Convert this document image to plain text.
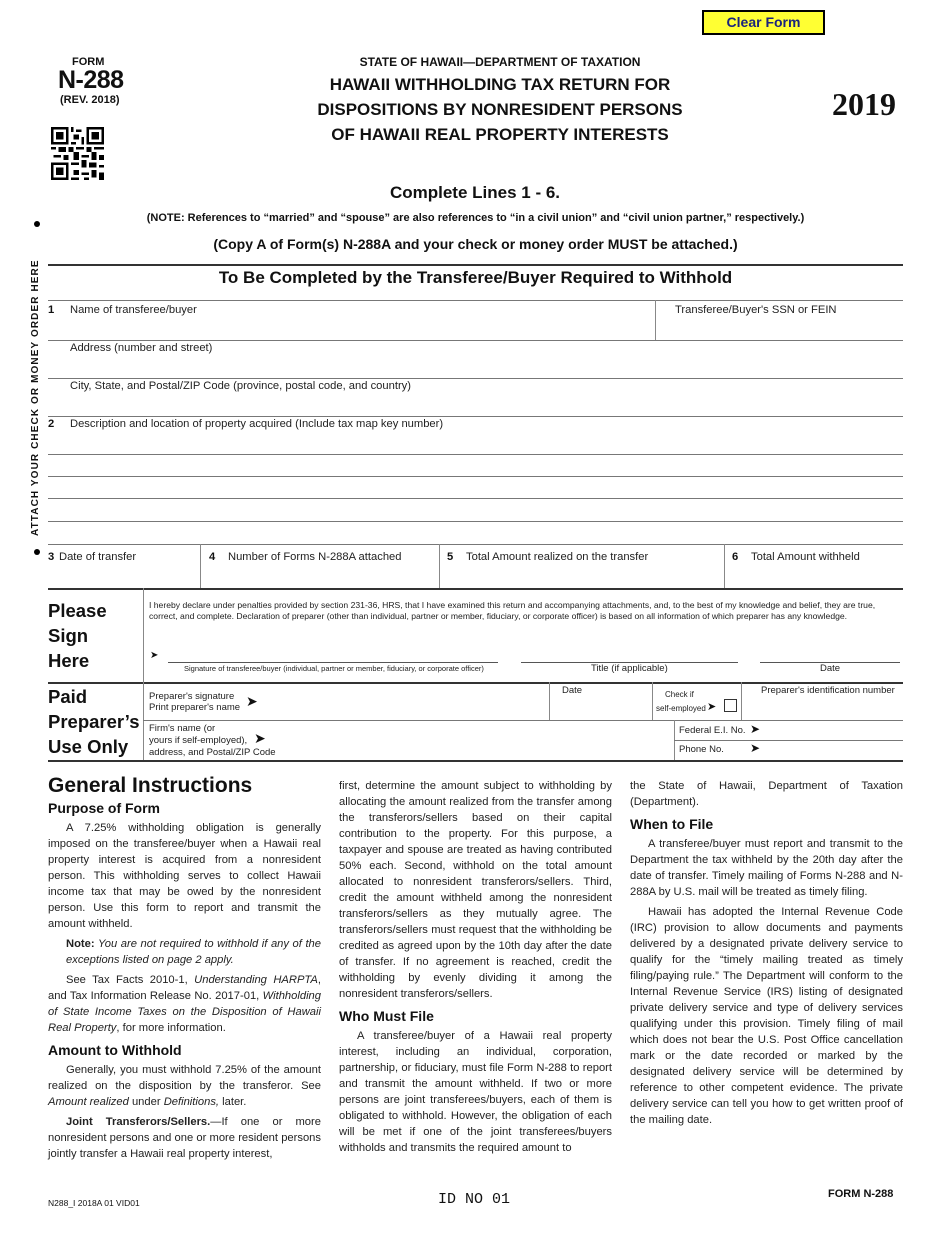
Clear Form
FORM
N-288
(REV. 2018)
STATE OF HAWAII—DEPARTMENT OF TAXATION
HAWAII WITHHOLDING TAX RETURN FOR
DISPOSITIONS BY NONRESIDENT PERSONS
OF HAWAII REAL PROPERTY INTERESTS
2019
Complete Lines 1 - 6.
(NOTE: References to “married” and “spouse” are also references to “in a civil union” and “civil union partner,” respectively.)
(Copy A of Form(s) N-288A and your check or money order MUST be attached.)
ATTACH YOUR CHECK OR MONEY ORDER HERE	To Be Completed by the Transferee/Buyer Required to Withhold
1 Name of transferee/buyer	Transferee/Buyer's SSN or FEIN
Address (number and street)
City, State, and Postal/ZIP Code (province, postal code, and country)
2 Description and location of property acquired (Include tax map key number)
3 Date of transfer	4 Number of Forms N-288A attached	5 Total Amount realized on the transfer	6 Total Amount withheld
Please
Sign
Here
I hereby declare under penalties provided by section 231-36, HRS, that I have examined this return and accompanying attachments, and, to the best of my knowledge and belief, they are true, correct, and complete. Declaration of preparer (other than individual, partner or member, fiduciary, or corporate officer) is based on all information of which preparer has any knowledge.
➤
Signature of transferee/buyer (individual, partner or member, fiduciary, or corporate officer)	Title (if applicable)	Date
Paid
Preparer’s
Use Only
Preparer's signature
Print preparer's name ➤
Date	Check if
self-employed ➤
Preparer's identification number
Firm's name (or
yours if self-employed),
address, and Postal/ZIP Code
➤	Federal E.I. No. ➤
Phone No. ➤
General Instructions
Purpose of Form

A 7.25% withholding obligation is generally imposed on the transferee/buyer when a Hawaii real property interest is acquired from a nonresident person. This withholding serves to collect Hawaii income tax that may be owed by the nonresident person. Use this form to report and transmit the amount withheld.

Note: You are not required to withhold if any of the exceptions listed on page 2 apply.

See Tax Facts 2010-1, Understanding HARPTA, and Tax Information Release No. 2017-01, Withholding of State Income Taxes on the Disposition of Hawaii Real Property, for more information.

Amount to Withhold

Generally, you must withhold 7.25% of the amount realized on the disposition by the transferor. See Amount realized under Definitions, later.

Joint Transferors/Sellers.—If one or more nonresident persons and one or more resident persons jointly transfer a Hawaii real property interest,

first, determine the amount subject to withholding by allocating the amount realized from the transfer among the transferors/sellers based on their capital contribution to the property. For this purpose, a taxpayer and spouse are treated as having contributed 50% each. Second, withhold on the total amount allocated to nonresident transferors/sellers. Third, credit the amount withheld among the nonresident transferors/sellers as they mutually agree. The transferors/sellers must request that the withholding be credited as agreed upon by the 10th day after the date of transfer. If no agreement is reached, credit the withholding by evenly dividing it among the nonresident transferors/sellers.

Who Must File

A transferee/buyer of a Hawaii real property interest, including an individual, corporation, partnership, or fiduciary, must file Form N-288 to report and transmit the amount withheld. If two or more persons are joint transferees/buyers, each of them is obligated to withhold. However, the obligation of each will be met if one of the joint transferees/buyers withholds and transmits the required amount to

the State of Hawaii, Department of Taxation (Department).

When to File

A transferee/buyer must report and transmit to the Department the tax withheld by the 20th day after the date of transfer. Timely mailing of Forms N-288 and N-288A by U.S. mail will be treated as timely filing.

Hawaii has adopted the Internal Revenue Code (IRC) provision to allow documents and payments delivered by a designated private delivery service to qualify for the “timely mailing treated as timely filing/paying rule.” The Department will conform to the Internal Revenue Service (IRS) listing of designated private delivery service and type of delivery services qualifying under this provision. Timely filing of mail which does not bear the U.S. Post Office cancellation mark or the date recorded or marked by the designated delivery service will be determined by reference to other competent evidence. The private delivery service can tell you how to get written proof of the mailing date.

N288_I 2018A 01 VID01	ID NO 01	FORM N-288
